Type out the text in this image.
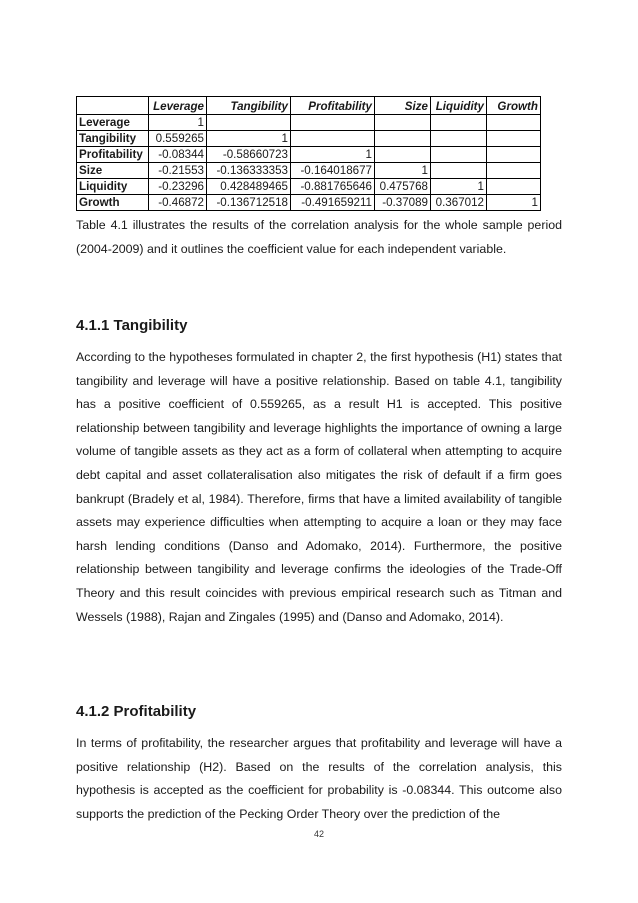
	Leverage	Tangibility	Profitability	Size	Liquidity	Growth
Leverage	1					
Tangibility	0.559265	1				
Profitability	-0.08344	-0.58660723	1			
Size	-0.21553	-0.136333353	-0.164018677	1		
Liquidity	-0.23296	0.428489465	-0.881765646	0.475768	1	
Growth	-0.46872	-0.136712518	-0.491659211	-0.37089	0.367012	1

Table 4.1 illustrates the results of the correlation analysis for the whole sample period (2004-2009) and it outlines the coefficient value for each independent variable.

4.1.1 Tangibility

According to the hypotheses formulated in chapter 2, the first hypothesis (H1) states that tangibility and leverage will have a positive relationship. Based on table 4.1, tangibility has a positive coefficient of 0.559265, as a result H1 is accepted. This positive relationship between tangibility and leverage highlights the importance of owning a large volume of tangible assets as they act as a form of collateral when attempting to acquire debt capital and asset collateralisation also mitigates the risk of default if a firm goes bankrupt (Bradely et al, 1984). Therefore, firms that have a limited availability of tangible assets may experience difficulties when attempting to acquire a loan or they may face harsh lending conditions (Danso and Adomako, 2014). Furthermore, the positive relationship between tangibility and leverage confirms the ideologies of the Trade-Off Theory and this result coincides with previous empirical research such as Titman and Wessels (1988), Rajan and Zingales (1995) and (Danso and Adomako, 2014).

4.1.2 Profitability

In terms of profitability, the researcher argues that profitability and leverage will have a positive relationship (H2). Based on the results of the correlation analysis, this hypothesis is accepted as the coefficient for probability is -0.08344. This outcome also supports the prediction of the Pecking Order Theory over the prediction of the

42
